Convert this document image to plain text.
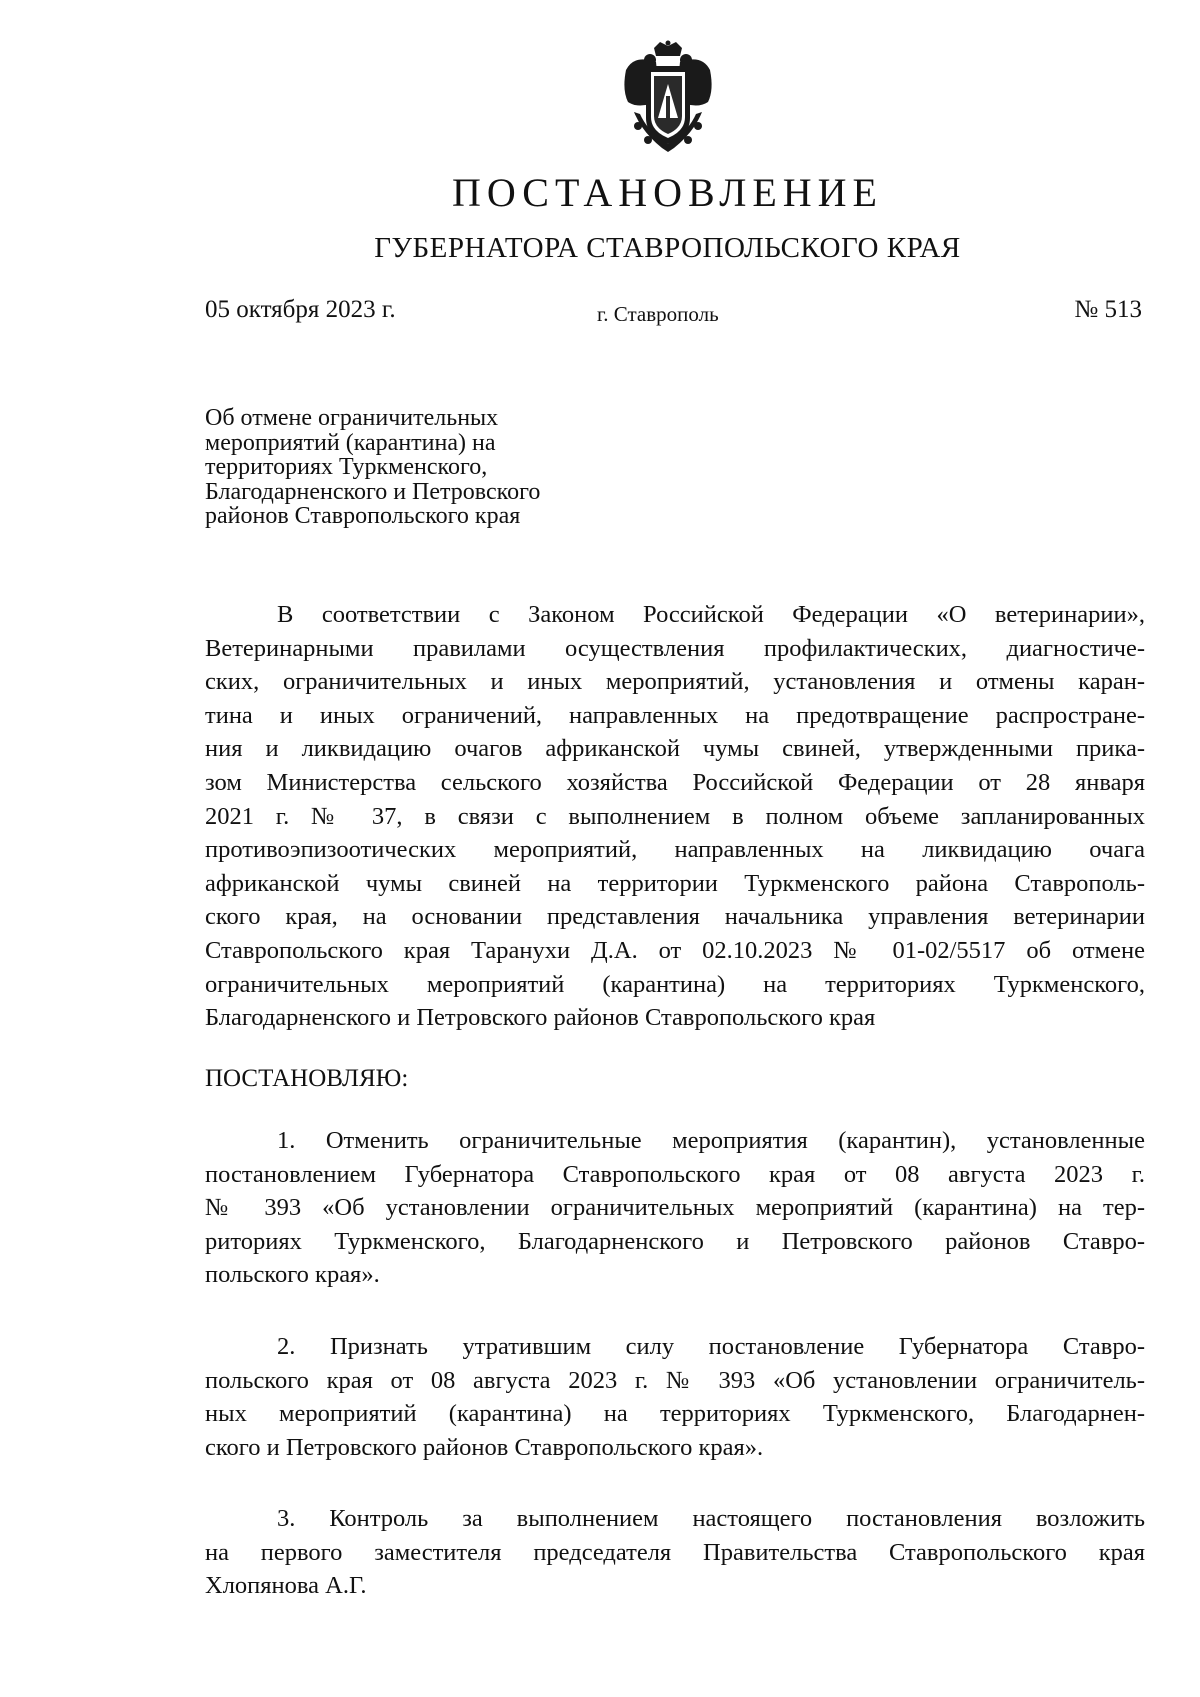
ПОСТАНОВЛЕНИЕ
ГУБЕРНАТОРА СТАВРОПОЛЬСКОГО КРАЯ
05 октября 2023 г.	г. Ставрополь	№ 513
Об отмене ограничительных
мероприятий (карантина) на
территориях Туркменского,
Благодарненского и Петровского
районов Ставропольского края
В соответствии с Законом Российской Федерации «О ветеринарии»,
Ветеринарными правилами осуществления профилактических, диагностиче-
ских, ограничительных и иных мероприятий, установления и отмены каран-
тина и иных ограничений, направленных на предотвращение распростране-
ния и ликвидацию очагов африканской чумы свиней, утвержденными прика-
зом Министерства сельского хозяйства Российской Федерации от 28 января
2021 г. № 37, в связи с выполнением в полном объеме запланированных
противоэпизоотических мероприятий, направленных на ликвидацию очага
африканской чумы свиней на территории Туркменского района Ставрополь-
ского края, на основании представления начальника управления ветеринарии
Ставропольского края Таранухи Д.А. от 02.10.2023 № 01-02/5517 об отмене
ограничительных мероприятий (карантина) на территориях Туркменского,
Благодарненского и Петровского районов Ставропольского края
ПОСТАНОВЛЯЮ:
1. Отменить ограничительные мероприятия (карантин), установленные
постановлением Губернатора Ставропольского края от 08 августа 2023 г.
№ 393 «Об установлении ограничительных мероприятий (карантина) на тер-
риториях Туркменского, Благодарненского и Петровского районов Ставро-
польского края».
2. Признать утратившим силу постановление Губернатора Ставро-
польского края от 08 августа 2023 г. № 393 «Об установлении ограничитель-
ных мероприятий (карантина) на территориях Туркменского, Благодарнен-
ского и Петровского районов Ставропольского края».
3. Контроль за выполнением настоящего постановления возложить
на первого заместителя председателя Правительства Ставропольского края
Хлопянова А.Г.
